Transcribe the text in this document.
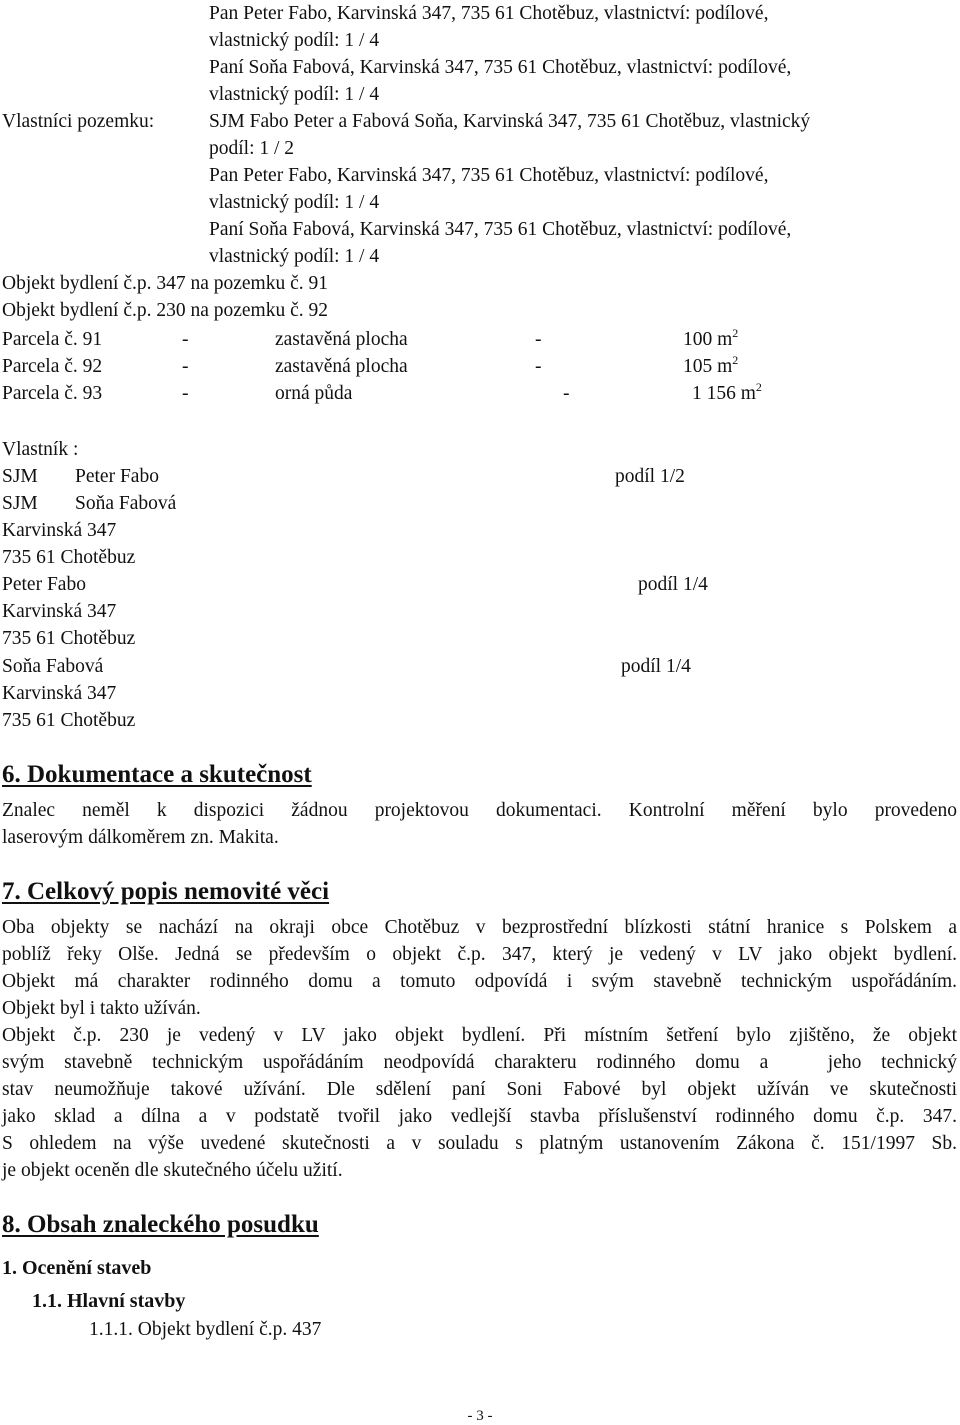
Pan Peter Fabo, Karvinská 347, 735 61 Chotěbuz, vlastnictví: podílové,
vlastnický podíl: 1 / 4
Paní Soňa Fabová, Karvinská 347, 735 61 Chotěbuz, vlastnictví: podílové,
vlastnický podíl: 1 / 4
Vlastníci pozemku:	SJM Fabo Peter a Fabová Soňa, Karvinská 347, 735 61 Chotěbuz, vlastnický
podíl: 1 / 2
Pan Peter Fabo, Karvinská 347, 735 61 Chotěbuz, vlastnictví: podílové,
vlastnický podíl: 1 / 4
Paní Soňa Fabová, Karvinská 347, 735 61 Chotěbuz, vlastnictví: podílové,
vlastnický podíl: 1 / 4
Objekt bydlení č.p. 347 na pozemku č. 91
Objekt bydlení č.p. 230 na pozemku č. 92
Parcela č. 91	-	zastavěná plocha	-	100 $m^2$
Parcela č. 92	-	zastavěná plocha	-	105 $m^2$
Parcela č. 93	-	orná půda	-	1 156 $m^2$
Vlastník :
SJM Peter Fabo	podíl 1/2
SJM Soňa Fabová
Karvinská 347
735 61 Chotěbuz
Peter Fabo	podíl 1/4
Karvinská 347
735 61 Chotěbuz
Soňa Fabová	podíl 1/4
Karvinská 347
735 61 Chotěbuz
6. Dokumentace a skutečnost
Znalec neměl k dispozici žádnou projektovou dokumentaci. Kontrolní měření bylo provedeno
laserovým dálkoměrem zn. Makita.
7. Celkový popis nemovité věci
Oba objekty se nachází na okraji obce Chotěbuz v bezprostřední blízkosti státní hranice s Polskem a
poblíž řeky Olše. Jedná se především o objekt č.p. 347, který je vedený v LV jako objekt bydlení.
Objekt má charakter rodinného domu a tomuto odpovídá i svým stavebně technickým uspořádáním.
Objekt byl i takto užíván.
Objekt č.p. 230 je vedený v LV jako objekt bydlení. Při místním šetření bylo zjištěno, že objekt
svým stavebně technickým uspořádáním neodpovídá charakteru rodinného domu a   jeho technický
stav neumožňuje takové užívání. Dle sdělení paní Soni Fabové byl objekt užíván ve skutečnosti
jako sklad a dílna a v podstatě tvořil jako vedlejší stavba příslušenství rodinného domu č.p. 347.
S ohledem na výše uvedené skutečnosti a v souladu s platným ustanovením Zákona č. 151/1997 Sb.
je objekt oceněn dle skutečného účelu užití.
8. Obsah znaleckého posudku
1. Ocenění staveb
1.1. Hlavní stavby
1.1.1. Objekt bydlení č.p. 437
- 3 -
